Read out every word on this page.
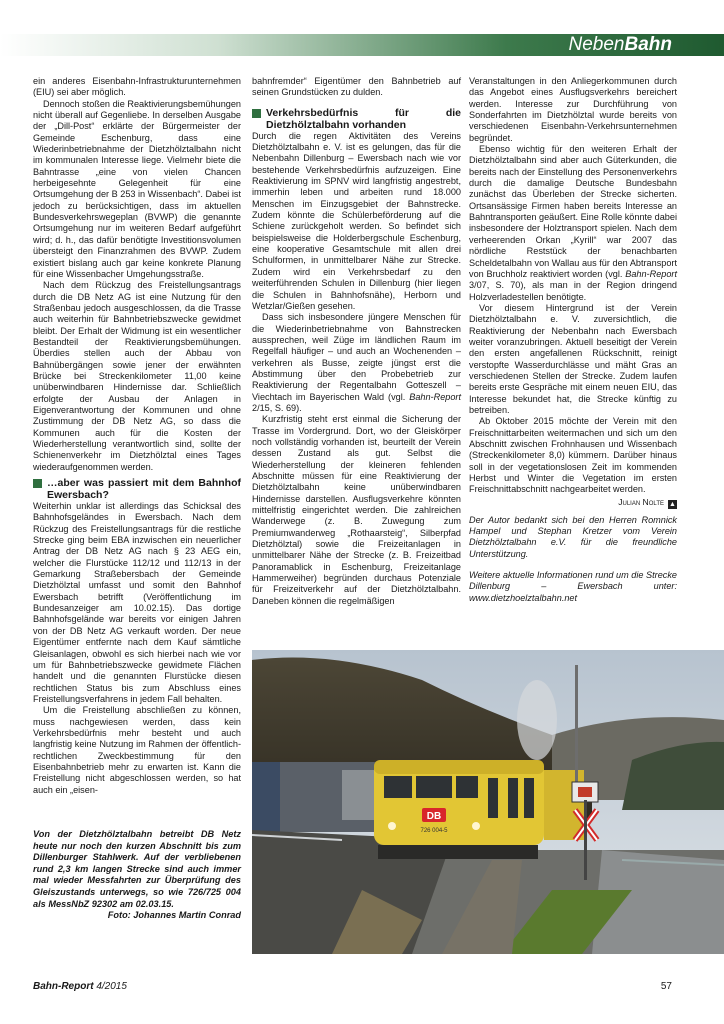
NebenBahn

ein anderes Eisenbahn-Infrastrukturunternehmen (EIU) sei aber möglich.

Dennoch stoßen die Reaktivierungsbemühungen nicht überall auf Gegenliebe. In derselben Ausgabe der „Dill-Post“ erklärte der Bürgermeister der Gemeinde Eschenburg, dass eine Wiederinbetriebnahme der Dietzhölztalbahn nicht im kommunalen Interesse liege. Vielmehr biete die Bahntrasse „eine von vielen Chancen herbeigesehnte Gelegenheit für eine Ortsumgehung der B 253 in Wissenbach“. Dabei ist jedoch zu berücksichtigen, dass im aktuellen Bundesverkehrswegeplan (BVWP) die genannte Ortsumgehung nur im weiteren Bedarf aufgeführt wird; d. h., das dafür benötigte Investitionsvolumen übersteigt den Finanzrahmen des BVWP. Zudem existiert bislang auch gar keine konkrete Planung für eine Wissenbacher Umgehungsstraße.

Nach dem Rückzug des Freistellungsantrags durch die DB Netz AG ist eine Nutzung für den Straßenbau jedoch ausgeschlossen, da die Trasse auch weiterhin für Bahnbetriebszwecke gewidmet bleibt. Der Erhalt der Widmung ist ein wesentlicher Bestandteil der Reaktivierungsbemühungen. Überdies stellen auch der Abbau von Bahnübergängen sowie jener der erwähnten Brücke bei Streckenkilometer 11,00 keine unüberwindbaren Hindernisse dar. Schließlich erfolgte der Ausbau der Anlagen in Eigenverantwortung der Kommunen und ohne Zustimmung der DB Netz AG, so dass die Kommunen auch für die Kosten der Wiederherstellung verantwortlich sind, sollte der Schienenverkehr im Dietzhölztal eines Tages wiederaufgenommen werden.

…aber was passiert mit dem Bahnhof Ewersbach?

Weiterhin unklar ist allerdings das Schicksal des Bahnhofsgeländes in Ewersbach. Nach dem Rückzug des Freistellungsantrags für die restliche Strecke ging beim EBA inzwischen ein neuerlicher Antrag der DB Netz AG nach § 23 AEG ein, welcher die Flurstücke 112/12 und 112/13 in der Gemarkung Straßebersbach der Gemeinde Dietzhölztal umfasst und somit den Bahnhof Ewersbach betrifft (Veröffentlichung im Bundesanzeiger am 10.02.15). Das dortige Bahnhofsgelände war bereits vor einigen Jahren von der DB Netz AG verkauft worden. Der neue Eigentümer entfernte nach dem Kauf sämtliche Gleisanlagen, obwohl es sich hierbei nach wie vor um für Bahnbetriebszwecke gewidmete Flächen handelt und die genannten Flurstücke diesen rechtlichen Status bis zum Abschluss eines Freistellungsverfahrens in jedem Fall behalten.

Um die Freistellung abschließen zu können, muss nachgewiesen werden, dass kein Verkehrsbedürfnis mehr besteht und auch langfristig keine Nutzung im Rahmen der öffentlich-rechtlichen Zweckbestimmung für den Eisenbahnbetrieb mehr zu erwarten ist. Kann die Freistellung nicht abgeschlossen werden, so hat auch ein „eisen-

Von der Dietzhölztalbahn betreibt DB Netz heute nur noch den kurzen Abschnitt bis zum Dillenburger Stahlwerk. Auf der verbliebenen rund 2,3 km langen Strecke sind auch immer mal wieder Messfahrten zur Überprüfung des Gleiszustands unterwegs, so wie 726/725 004 als MessNbZ 92302 am 02.03.15.
Foto: Johannes Martin Conrad

bahnfremder“ Eigentümer den Bahnbetrieb auf seinen Grundstücken zu dulden.

Verkehrsbedürfnis für die Dietzhölztalbahn vorhanden

Durch die regen Aktivitäten des Vereins Dietzhölztalbahn e. V. ist es gelungen, das für die Nebenbahn Dillenburg – Ewersbach nach wie vor bestehende Verkehrsbedürfnis aufzuzeigen. Eine Reaktivierung im SPNV wird langfristig angestrebt, immerhin leben und arbeiten rund 18.000 Menschen im Einzugsgebiet der Bahnstrecke. Zudem könnte die Schülerbeförderung auf die Schiene zurückgeholt werden. So befindet sich beispielsweise die Holderbergschule Eschenburg, eine kooperative Gesamtschule mit allen drei Schulformen, in unmittelbarer Nähe zur Strecke. Zudem wird ein Verkehrsbedarf zu den weiterführenden Schulen in Dillenburg (hier liegen die Schulen in Bahnhofsnähe), Herborn und Wetzlar/Gießen gesehen.

Dass sich insbesondere jüngere Menschen für die Wiederinbetriebnahme von Bahnstrecken aussprechen, weil Züge im ländlichen Raum im Regelfall häufiger – und auch an Wochenenden – verkehren als Busse, zeigte jüngst erst die Abstimmung über den Probebetrieb zur Reaktivierung der Regentalbahn Gotteszell – Viechtach im Bayerischen Wald (vgl. Bahn-Report 2/15, S. 69).

Kurzfristig steht erst einmal die Sicherung der Trasse im Vordergrund. Dort, wo der Gleiskörper noch vollständig vorhanden ist, beurteilt der Verein dessen Zustand als gut. Selbst die Wiederherstellung der kleineren fehlenden Abschnitte müssen für eine Reaktivierung der Dietzhölztalbahn keine unüberwindbaren Hindernisse darstellen. Ausflugsverkehre könnten mittelfristig eingerichtet werden. Die zahlreichen Wanderwege (z. B. Zuwegung zum Premiumwanderweg „Rothaarsteig“, Silberpfad Dietzhölztal) sowie die Freizeitanlagen in unmittelbarer Nähe der Strecke (z. B. Freizeitbad Panoramablick in Eschenburg, Freizeitanlage Hammerweiher) begründen durchaus Potenziale für Freizeitverkehr auf der Dietzhölztalbahn. Daneben können die regelmäßigen

Veranstaltungen in den Anliegerkommunen durch das Angebot eines Ausflugsverkehrs bereichert werden. Interesse zur Durchführung von Sonderfahrten im Dietzhölztal wurde bereits von verschiedenen Eisenbahn-Verkehrsunternehmen begründet.

Ebenso wichtig für den weiteren Erhalt der Dietzhölztalbahn sind aber auch Güterkunden, die bereits nach der Einstellung des Personenverkehrs durch die damalige Deutsche Bundesbahn zunächst das Überleben der Strecke sicherten. Ortsansässige Firmen haben bereits Interesse an Bahntransporten geäußert. Eine Rolle könnte dabei insbesondere der Holztransport spielen. Nach dem verheerenden Orkan „Kyrill“ war 2007 das nördliche Reststück der benachbarten Scheldetalbahn von Wallau aus für den Abtransport von Bruchholz reaktiviert worden (vgl. Bahn-Report 3/07, S. 70), als man in der Region dringend Holzverladestellen benötigte.

Vor diesem Hintergrund ist der Verein Dietzhölztalbahn e. V. zuversichtlich, die Reaktivierung der Nebenbahn nach Ewersbach weiter voranzubringen. Aktuell beseitigt der Verein den ersten angefallenen Rückschnitt, reinigt verstopfte Wasserdurchlässe und mäht Gras an verschiedenen Stellen der Strecke. Zudem laufen bereits erste Gespräche mit einem neuen EIU, das Interesse bekundet hat, die Strecke künftig zu betreiben.

Ab Oktober 2015 möchte der Verein mit den Freischnittarbeiten weitermachen und sich um den Abschnitt zwischen Frohnhausen und Wissenbach (Streckenkilometer 8,0) kümmern. Darüber hinaus soll in der vegetationslosen Zeit im kommenden Herbst und Winter die Vegetation im ersten Freischnittabschnitt nachgearbeitet werden.

Julian Nolte ▲

Der Autor bedankt sich bei den Herren Romnick Hampel und Stephan Kretzer vom Verein Dietzhölztalbahn e.V. für die freundliche Unterstützung.

Weitere aktuelle Informationen rund um die Strecke Dillenburg – Ewersbach unter: www.dietzhoelztalbahn.net

DB
726 004-5
Bahn-Report 4/2015	57
